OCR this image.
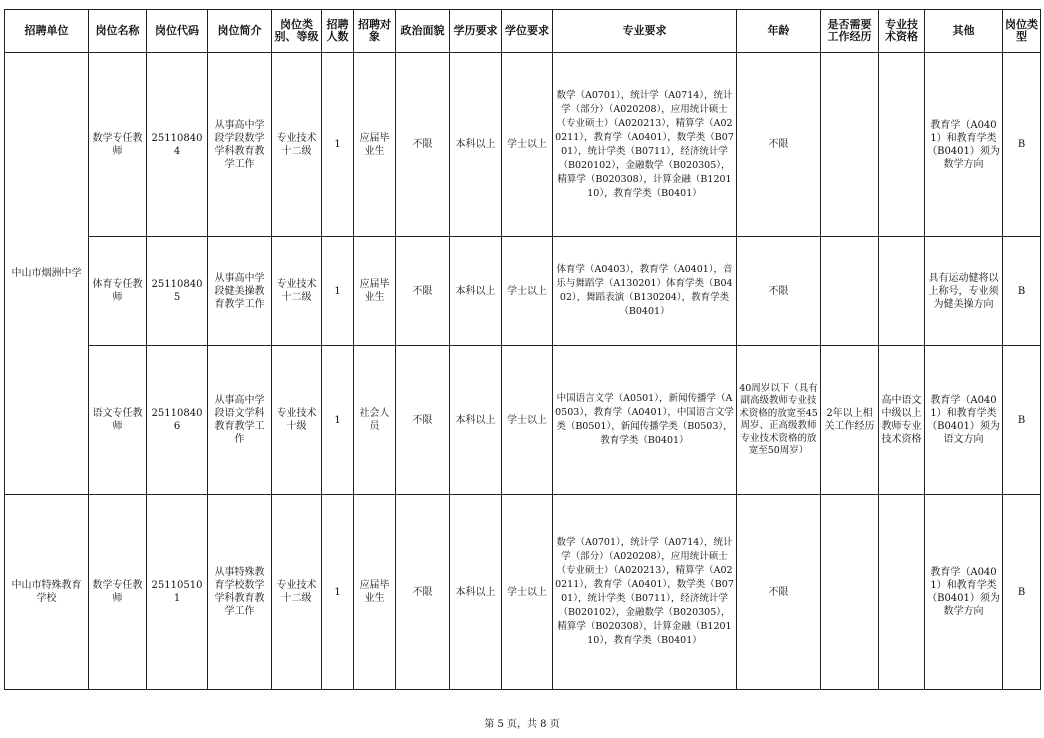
招聘单位	岗位名称	岗位代码	岗位简介	岗位类别、等级	招聘人数	招聘对象	政治面貌	学历要求	学位要求	专业要求	年龄	是否需要工作经历	专业技术资格	其他	岗位类型
中山市烟洲中学	数学专任教师	251108404	从事高中学段学段数学学科教育教学工作	专业技术十二级	1	应届毕业生	不限	本科以上	学士以上	数学（A0701），统计学（A0714），统计学（部分）（A020208），应用统计硕士（专业硕士）（A020213），精算学（A020211），教育学（A0401），数学类（B0701），统计学类（B0711），经济统计学（B020102），金融数学（B020305），精算学（B020308），计算金融（B120110），教育学类（B0401）	不限			教育学（A0401）和教育学类（B0401）须为数学方向	B
	体育专任教师	251108405	从事高中学段健美操教育教学工作	专业技术十二级	1	应届毕业生	不限	本科以上	学士以上	体育学（A0403），教育学（A0401），音乐与舞蹈学（A130201）体育学类（B0402），舞蹈表演（B130204），教育学类（B0401）	不限			具有运动健将以上称号，专业须为健美操方向	B
	语文专任教师	251108406	从事高中学段语文学科教育教学工作	专业技术十级	1	社会人员	不限	本科以上	学士以上	中国语言文学（A0501），新闻传播学（A0503），教育学（A0401），中国语言文学类（B0501），新闻传播学类（B0503），教育学类（B0401）	40周岁以下（具有副高级教师专业技术资格的放宽至45周岁、正高级教师专业技术资格的放宽至50周岁）	2年以上相关工作经历	高中语文中级以上教师专业技术资格	教育学（A0401）和教育学类（B0401）须为语文方向	B
中山市特殊教育学校	数学专任教师	251105101	从事特殊教育学校数学学科教育教学工作	专业技术十二级	1	应届毕业生	不限	本科以上	学士以上	数学（A0701），统计学（A0714），统计学（部分）（A020208），应用统计硕士（专业硕士）（A020213），精算学（A020211），教育学（A0401），数学类（B0701），统计学类（B0711），经济统计学（B020102），金融数学（B020305），精算学（B020308），计算金融（B120110），教育学类（B0401）	不限			教育学（A0401）和教育学类（B0401）须为数学方向	B
第 5 页，共 8 页
